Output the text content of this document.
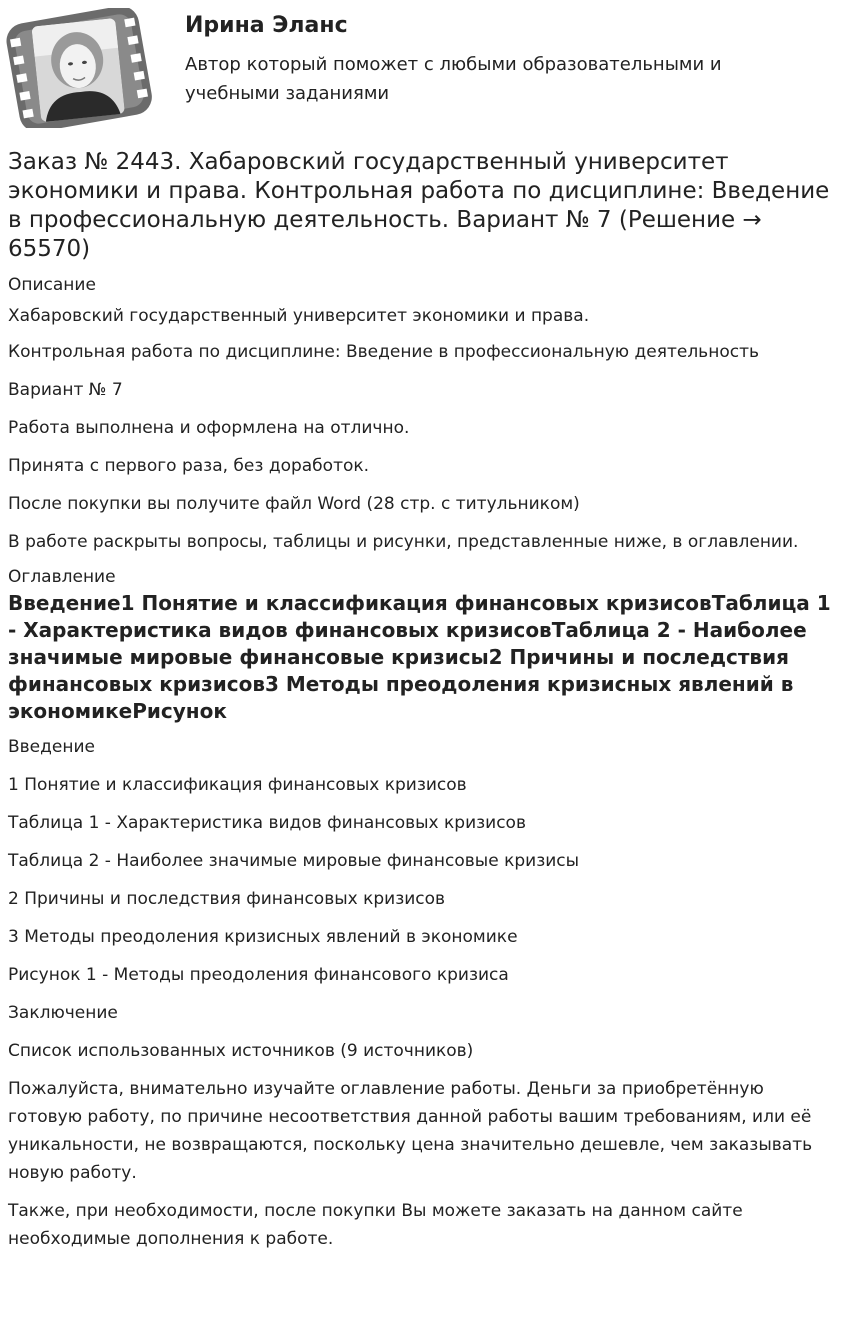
Ирина Эланс

Автор который поможет с любыми образовательными и учебными заданиями

Заказ № 2443. Хабаровский государственный университет экономики и права. Контрольная работа по дисциплине: Введение в профессиональную деятельность. Вариант № 7 (Решение → 65570)
Описание

Хабаровский государственный университет экономики и права.

Контрольная работа по дисциплине: Введение в профессиональную деятельность

Вариант № 7

Работа выполнена и оформлена на отлично.

Принята с первого раза, без доработок.

После покупки вы получите файл Word (28 стр. с титульником)

В работе раскрыты вопросы, таблицы и рисунки, представленные ниже, в оглавлении.

Оглавление
Введение1 Понятие и классификация финансовых кризисовТаблица 1 - Характеристика видов финансовых кризисовТаблица 2 - Наиболее значимые мировые финансовые кризисы2 Причины и последствия финансовых кризисов3 Методы преодоления кризисных явлений в экономикеРисунок

Введение

1 Понятие и классификация финансовых кризисов

Таблица 1 - Характеристика видов финансовых кризисов

Таблица 2 - Наиболее значимые мировые финансовые кризисы

2 Причины и последствия финансовых кризисов

3 Методы преодоления кризисных явлений в экономике

Рисунок 1 - Методы преодоления финансового кризиса

Заключение

Список использованных источников (9 источников)

Пожалуйста, внимательно изучайте оглавление работы. Деньги за приобретённую готовую работу, по причине несоответствия данной работы вашим требованиям, или её уникальности, не возвращаются, поскольку цена значительно дешевле, чем заказывать новую работу.

Также, при необходимости, после покупки Вы можете заказать на данном сайте необходимые дополнения к работе.
